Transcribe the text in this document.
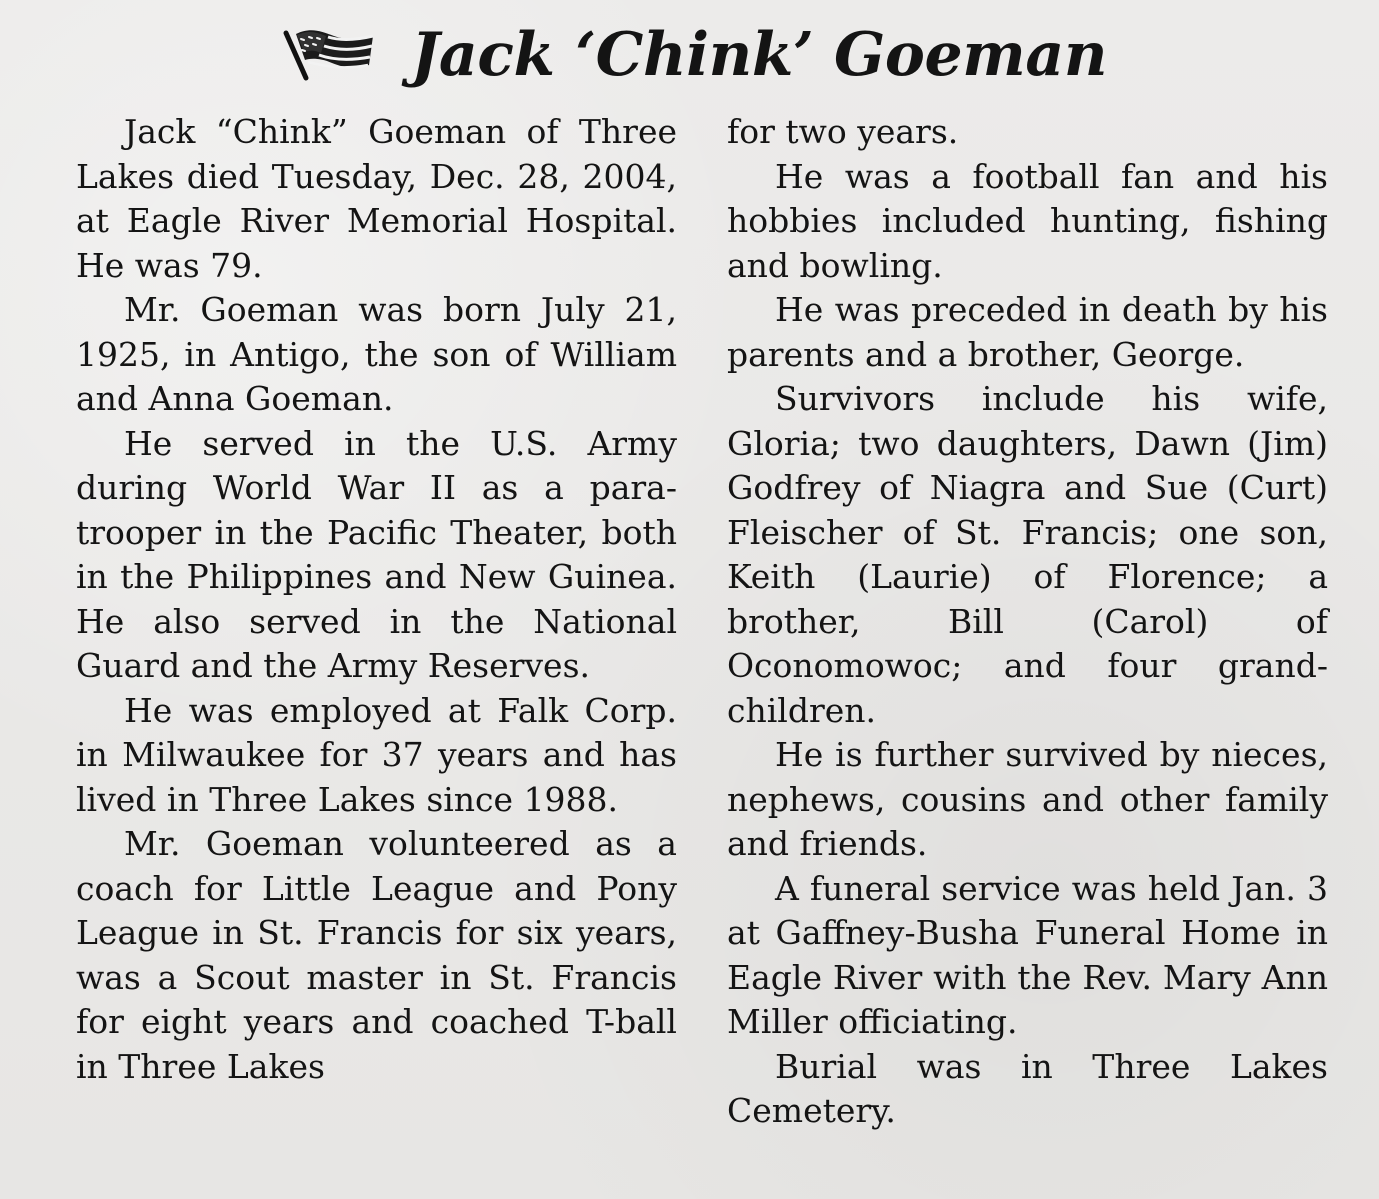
Jack ‘Chink’ Goeman

Jack “Chink” Goeman of Three Lakes died Tuesday, Dec. 28, 2004, at Eagle River Memorial Hospital. He was 79.

Mr. Goeman was born July 21, 1925, in Antigo, the son of William and Anna Goeman.

He served in the U.S. Army during World War II as a paratrooper in the Pacific Theater, both in the Philippines and New Guinea. He also served in the National Guard and the Army Reserves.

He was employed at Falk Corp. in Milwaukee for 37 years and has lived in Three Lakes since 1988.

Mr. Goeman volunteered as a coach for Little League and Pony League in St. Francis for six years, was a Scout master in St. Francis for eight years and coached T-ball in Three Lakes

for two years.

He was a football fan and his hobbies included hunting, fishing and bowling.

He was preceded in death by his parents and a brother, George.

Survivors include his wife, Gloria; two daughters, Dawn (Jim) Godfrey of Niagra and Sue (Curt) Fleischer of St. Francis; one son, Keith (Laurie) of Florence; a brother, Bill (Carol) of Oconomowoc; and four grandchildren.

He is further survived by nieces, nephews, cousins and other family and friends.

A funeral service was held Jan. 3 at Gaffney-Busha Funeral Home in Eagle River with the Rev. Mary Ann Miller officiating.

Burial was in Three Lakes Cemetery.
